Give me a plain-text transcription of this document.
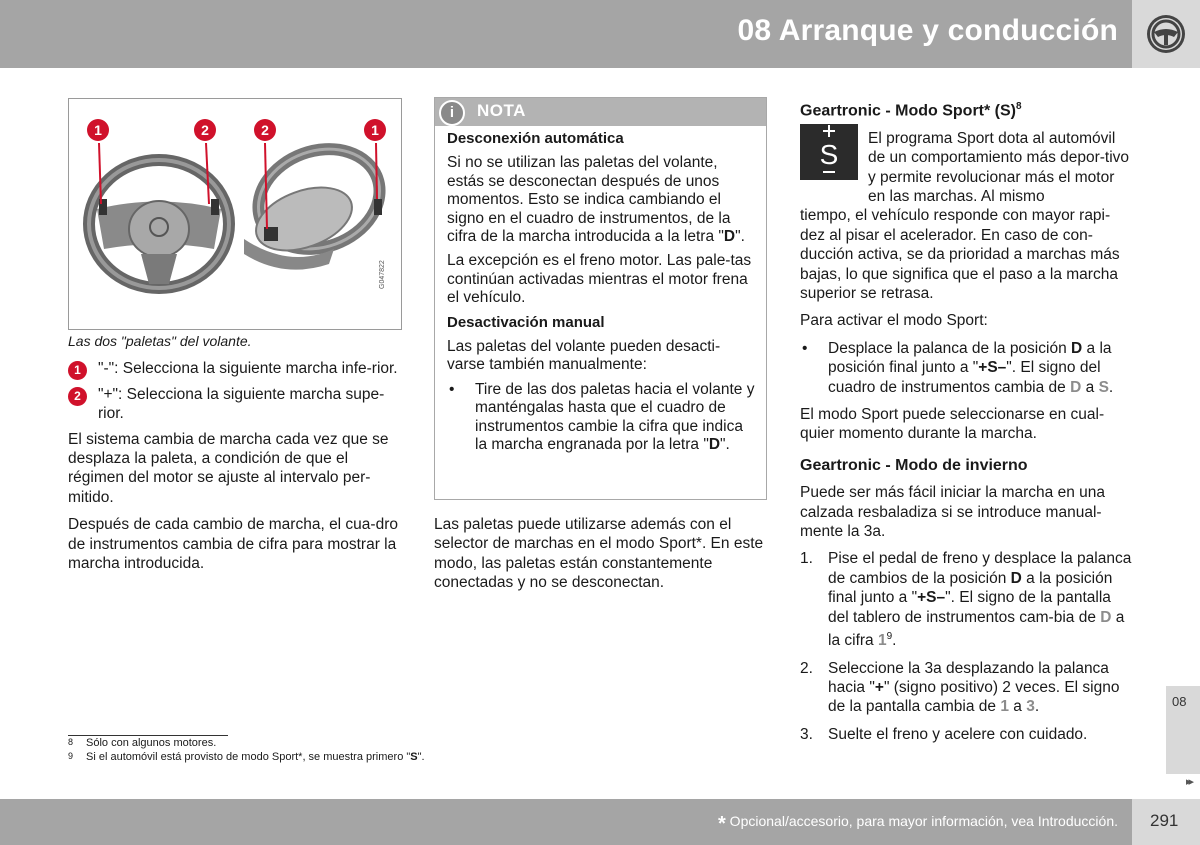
08 Arranque y conducción
1	2	2	1
G047822
Las dos "paletas" del volante.
1	"-": Selecciona la siguiente marcha infe-rior.
2	"+": Selecciona la siguiente marcha supe-rior.

El sistema cambia de marcha cada vez que se desplaza la paleta, a condición de que el régimen del motor se ajuste al intervalo per-mitido.

Después de cada cambio de marcha, el cua-dro de instrumentos cambia de cifra para mostrar la marcha introducida.

i	NOTA
Desconexión automática

Si no se utilizan las paletas del volante, estás se desconectan después de unos momentos. Esto se indica cambiando el signo en el cuadro de instrumentos, de la cifra de la marcha introducida a la letra "D".

La excepción es el freno motor. Las pale-tas continúan activadas mientras el motor frena el vehículo.

Desactivación manual

Las paletas del volante pueden desacti-varse también manualmente:

• Tire de las dos paletas hacia el volante y manténgalas hasta que el cuadro de instrumentos cambie la cifra que indica la marcha engranada por la letra "D".

Las paletas puede utilizarse además con el selector de marchas en el modo Sport*. En este modo, las paletas están constantemente conectadas y no se desconectan.

Geartronic - Modo Sport* $(S)^8$

El programa Sport dota al automóvil de un comportamiento más depor-tivo y permite revolucionar más el motor en las marchas. Al mismo

tiempo, el vehículo responde con mayor rapi-dez al pisar el acelerador. En caso de con-ducción activa, se da prioridad a marchas más bajas, lo que significa que el paso a la marcha superior se retrasa.

Para activar el modo Sport:

• Desplace la palanca de la posición D a la posición final junto a "+S–". El signo del cuadro de instrumentos cambia de D a S.

El modo Sport puede seleccionarse en cual-quier momento durante la marcha.

Geartronic - Modo de invierno

Puede ser más fácil iniciar la marcha en una calzada resbaladiza si se introduce manual-mente la 3a.

1. Pise el pedal de freno y desplace la palanca de cambios de la posición D a la posición final junto a "+S–". El signo de la pantalla del tablero de instrumentos cam-bia de D a la cifra $1^9$.
2. Seleccione la 3a desplazando la palanca hacia "+" (signo positivo) 2 veces. El signo de la pantalla cambia de 1 a 3.
3. Suelte el freno y acelere con cuidado.
S
8 Sólo con algunos motores.
9 Si el automóvil está provisto de modo Sport*, se muestra primero "S".
08
▸▸
* Opcional/accesorio, para mayor información, vea Introducción. 291
